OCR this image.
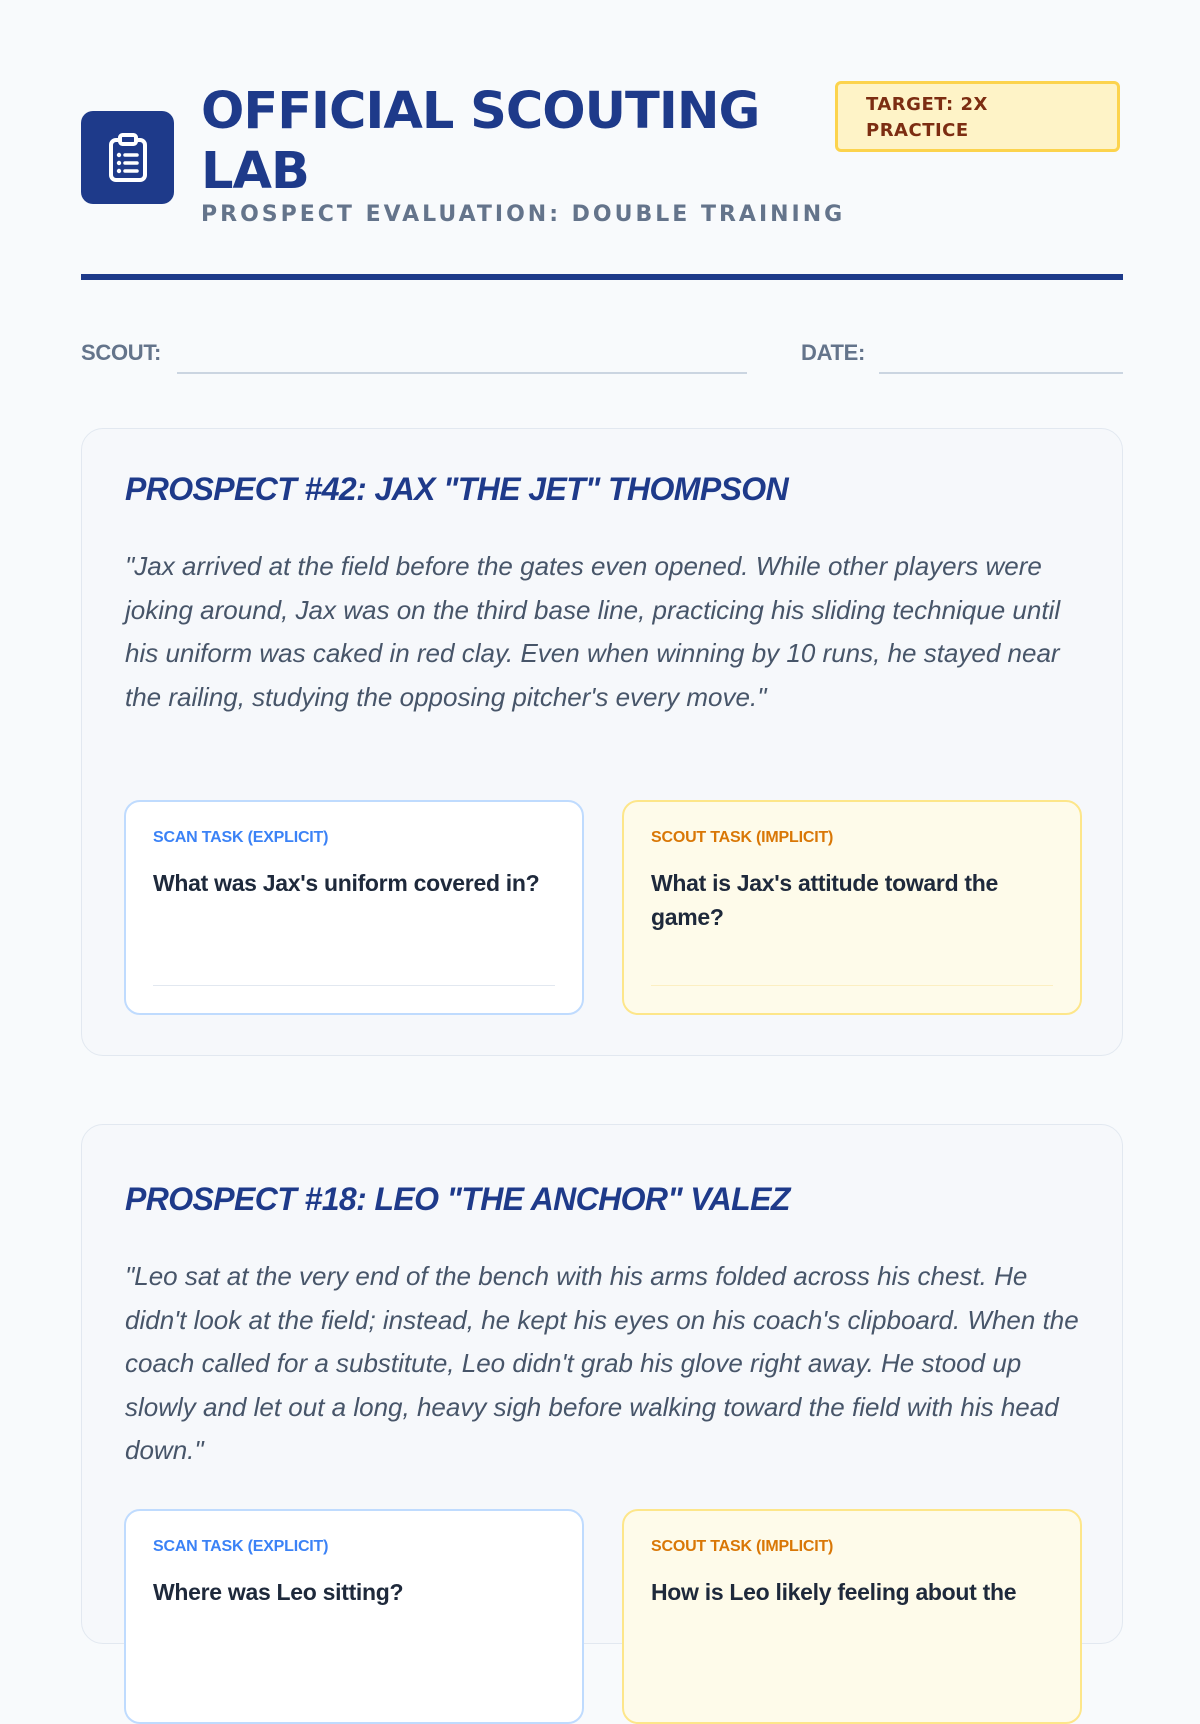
OFFICIAL SCOUTING LAB
PROSPECT EVALUATION: DOUBLE TRAINING
TARGET: 2X PRACTICE
SCOUT:	DATE:
PROSPECT #42: JAX "THE JET" THOMPSON

"Jax arrived at the field before the gates even opened. While other players were joking around, Jax was on the third base line, practicing his sliding technique until his uniform was caked in red clay. Even when winning by 10 runs, he stayed near the railing, studying the opposing pitcher's every move."

SCAN TASK (EXPLICIT)
What was Jax's uniform covered in?
SCOUT TASK (IMPLICIT)
What is Jax's attitude toward the game?
PROSPECT #18: LEO "THE ANCHOR" VALEZ

"Leo sat at the very end of the bench with his arms folded across his chest. He didn't look at the field; instead, he kept his eyes on his coach's clipboard. When the coach called for a substitute, Leo didn't grab his glove right away. He stood up slowly and let out a long, heavy sigh before walking toward the field with his head down."

SCAN TASK (EXPLICIT)
Where was Leo sitting?
SCOUT TASK (IMPLICIT)
How is Leo likely feeling about the
